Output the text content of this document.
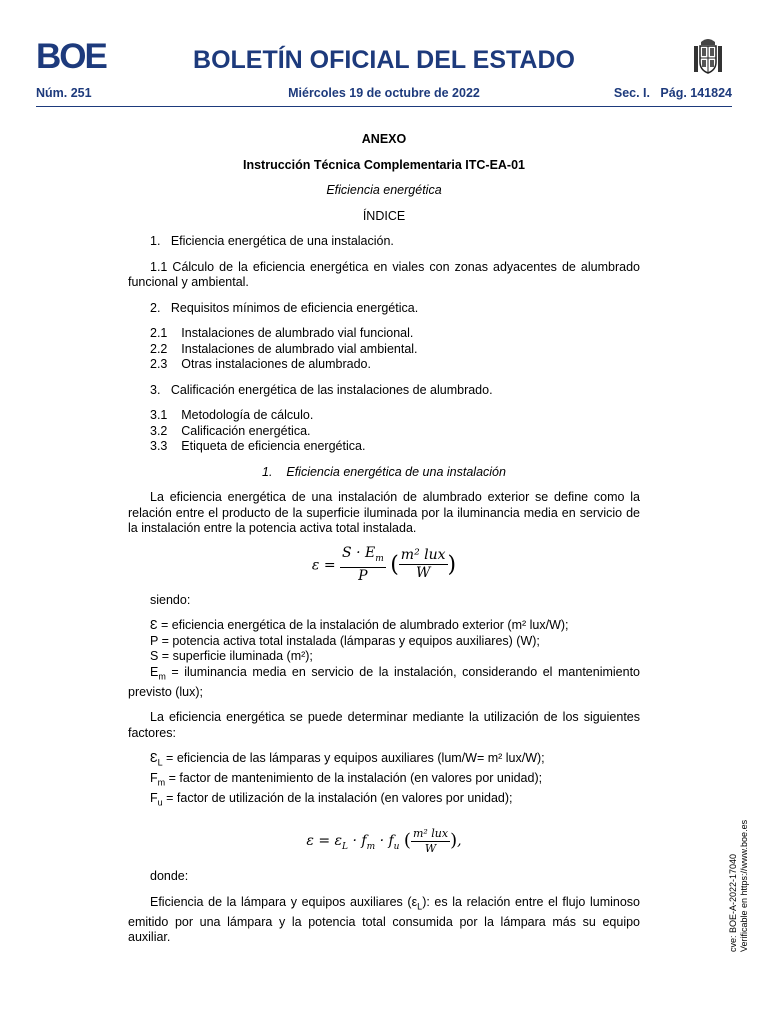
BOE	BOLETÍN OFICIAL DEL ESTADO
Miércoles 19 de octubre de 2022
Núm. 251	Sec. I.   Pág. 141824

ANEXO

Instrucción Técnica Complementaria ITC-EA-01

Eficiencia energética

ÍNDICE

1.   Eficiencia energética de una instalación.

1.1 Cálculo de la eficiencia energética en viales con zonas adyacentes de alumbrado funcional y ambiental.

2.   Requisitos mínimos de eficiencia energética.

2.1    Instalaciones de alumbrado vial funcional.

2.2    Instalaciones de alumbrado vial ambiental.

2.3    Otras instalaciones de alumbrado.

3.   Calificación energética de las instalaciones de alumbrado.

3.1    Metodología de cálculo.

3.2    Calificación energética.

3.3    Etiqueta de eficiencia energética.

1.    Eficiencia energética de una instalación

La eficiencia energética de una instalación de alumbrado exterior se define como la relación entre el producto de la superficie iluminada por la iluminancia media en servicio de la instalación entre la potencia activa total instalada.

$\varepsilon = \frac{S \cdot E_m}{P}$ ( $\frac{\text{m² lux}}{W}$ )

siendo:

Ɛ = eficiencia energética de la instalación de alumbrado exterior (m² lux/W);

P = potencia activa total instalada (lámparas y equipos auxiliares) (W);

S = superficie iluminada (m²);

$E_m$ = iluminancia media en servicio de la instalación, considerando el mantenimiento previsto (lux);

La eficiencia energética se puede determinar mediante la utilización de los siguientes factores:

$Ɛ_L$ = eficiencia de las lámparas y equipos auxiliares (lum/W= m² lux/W);

$F_m$ = factor de mantenimiento de la instalación (en valores por unidad);

$F_u$ = factor de utilización de la instalación (en valores por unidad);

$\varepsilon = \varepsilon_L \cdot f_m \cdot f_u$ ( $\frac{\text{m² lux}}{W}$ ),

donde:

Eficiencia de la lámpara y equipos auxiliares $(\varepsilon_L)$: es la relación entre el flujo luminoso emitido por una lámpara y la potencia total consumida por la lámpara más su equipo auxiliar.	cve: BOE-A-2022-17040 Verificable en https://www.boe.es
